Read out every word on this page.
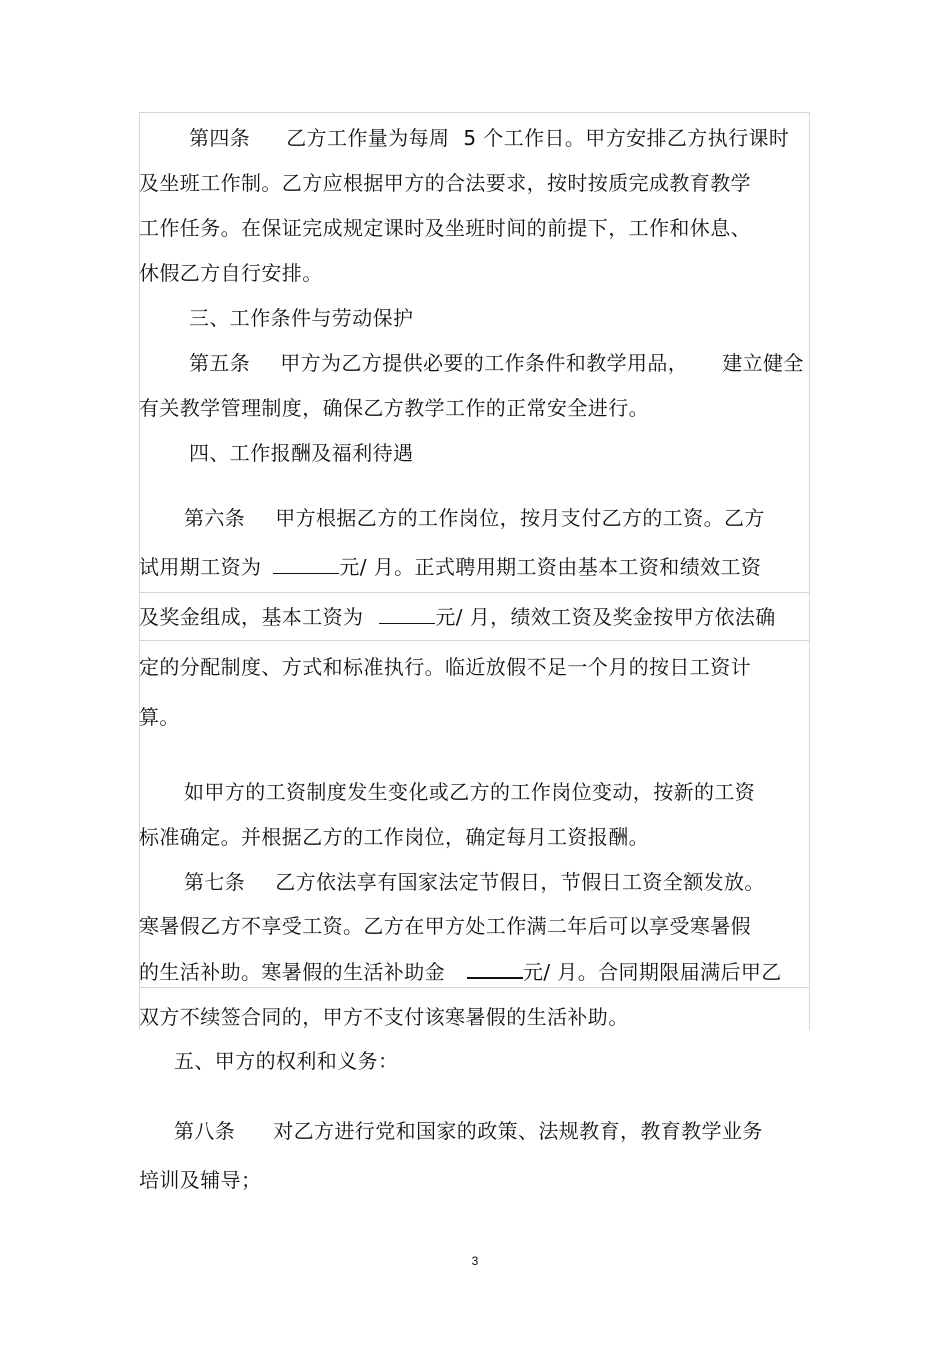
第四条 乙方工作量为每周 5 个工作日。甲方安排乙方执行课时
及坐班工作制。乙方应根据甲方的合法要求，按时按质完成教育教学
工作任务。在保证完成规定课时及坐班时间的前提下，工作和休息、
休假乙方自行安排。
三、工作条件与劳动保护
第五条 甲方为乙方提供必要的工作条件和教学用品， 建立健全
有关教学管理制度，确保乙方教学工作的正常安全进行。
四、工作报酬及福利待遇
第六条 甲方根据乙方的工作岗位，按月支付乙方的工资。乙方
试用期工资为	元/ 月。正式聘用期工资由基本工资和绩效工资
及奖金组成，基本工资为	元/ 月，绩效工资及奖金按甲方依法确
定的分配制度、方式和标准执行。临近放假不足一个月的按日工资计
算。
如甲方的工资制度发生变化或乙方的工作岗位变动，按新的工资
标准确定。并根据乙方的工作岗位，确定每月工资报酬。
第七条 乙方依法享有国家法定节假日，节假日工资全额发放。
寒暑假乙方不享受工资。乙方在甲方处工作满二年后可以享受寒暑假
的生活补助。寒暑假的生活补助金	元/ 月。合同期限届满后甲乙
双方不续签合同的，甲方不支付该寒暑假的生活补助。
五、甲方的权利和义务：
第八条 对乙方进行党和国家的政策、法规教育，教育教学业务
培训及辅导；
3
